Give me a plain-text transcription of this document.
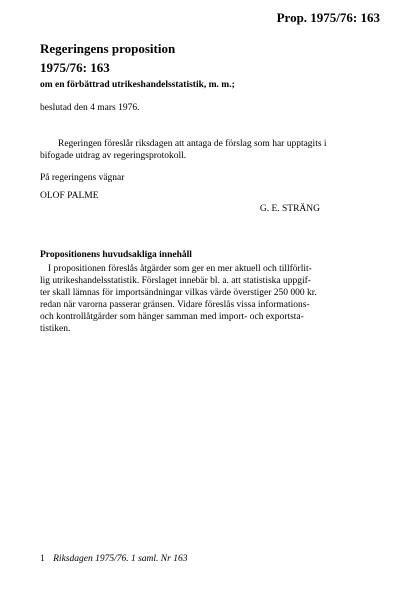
Prop. 1975/76: 163
Regeringens proposition
1975/76: 163
om en förbättrad utrikeshandelsstatistik, m. m.;
beslutad den 4 mars 1976.

Regeringen föreslår riksdagen att antaga de förslag som har upptagits i bifogade utdrag av regeringsprotokoll.

På regeringens vägnar
OLOF PALME
G. E. STRÄNG
Propositionens huvudsakliga innehåll
I propositionen föreslås åtgärder som ger en mer aktuell och tillförlit-
lig utrikeshandelsstatistik. Förslaget innebär bl. a. att statistiska uppgif-
ter skall lämnas för importsändningar vilkas värde överstiger 250 000 kr.
redan när varorna passerar gränsen. Vidare föreslås vissa informations-
och kontrollåtgärder som hänger samman med import- och exportsta-
tistiken.
1 Riksdagen 1975/76. 1 saml. Nr 163
